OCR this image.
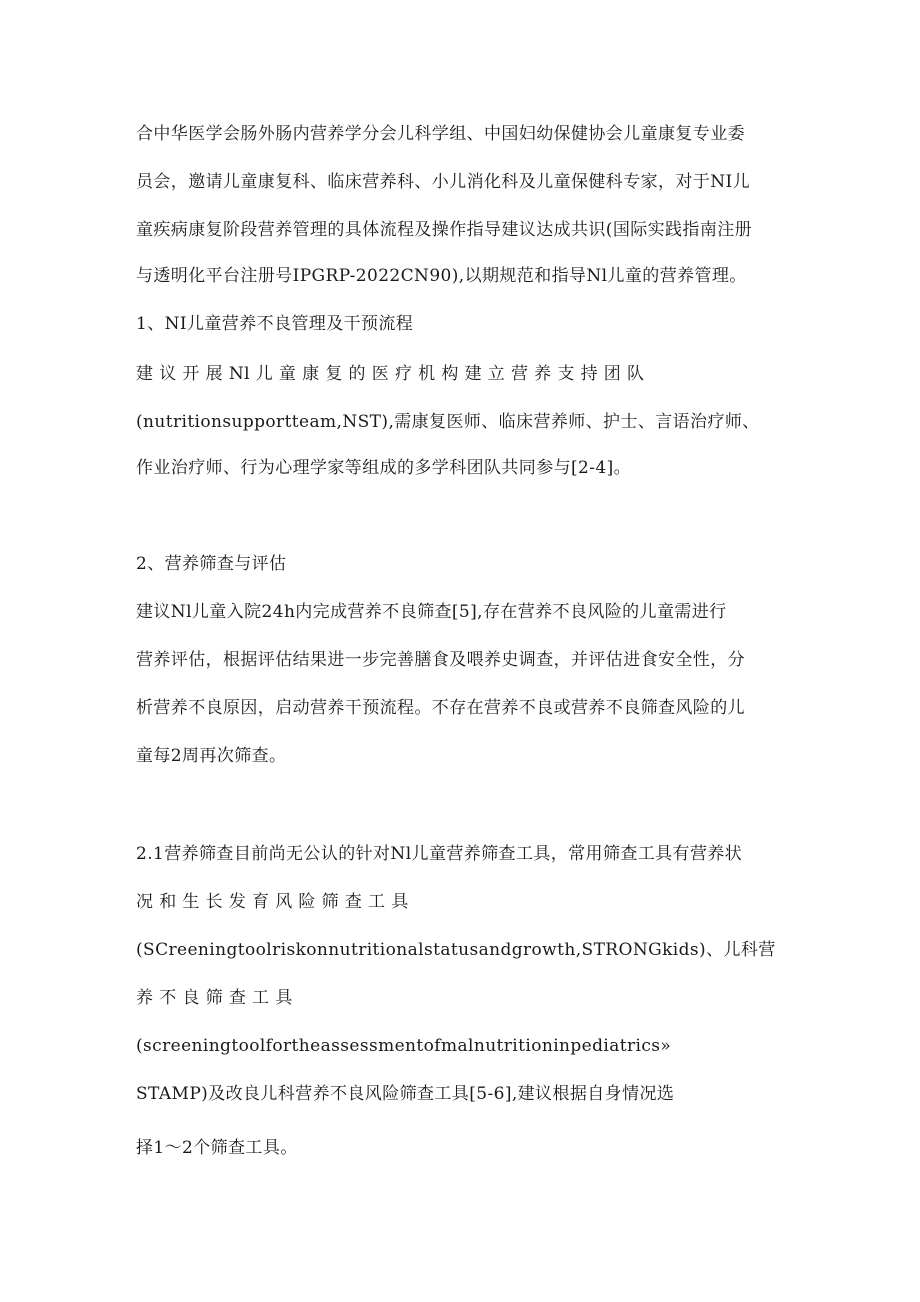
合中华医学会肠外肠内营养学分会儿科学组、中国妇幼保健协会儿童康复专业委
员会，邀请儿童康复科、临床营养科、小儿消化科及儿童保健科专家，对于NI儿
童疾病康复阶段营养管理的具体流程及操作指导建议达成共识(国际实践指南注册
与透明化平台注册号IPGRP-2022CN90),以期规范和指导Nl儿童的营养管理。
1、NI儿童营养不良管理及干预流程
建 议 开 展 Nl 儿 童 康 复 的 医 疗 机 构 建 立 营 养 支 持 团 队
(nutritionsupportteam,NST),需康复医师、临床营养师、护士、言语治疗师、
作业治疗师、行为心理学家等组成的多学科团队共同参与[2-4]。
2、营养筛查与评估
建议Nl儿童入院24h内完成营养不良筛查[5],存在营养不良风险的儿童需进行
营养评估，根据评估结果进一步完善膳食及喂养史调查，并评估进食安全性，分
析营养不良原因，启动营养干预流程。不存在营养不良或营养不良筛查风险的儿
童每2周再次筛查。
2.1营养筛查目前尚无公认的针对Nl儿童营养筛查工具，常用筛查工具有营养状
况 和 生 长 发 育 风 险 筛 查 工 具
(SCreeningtoolriskonnutritionalstatusandgrowth,STRONGkids)、儿科营
养 不 良 筛 查 工 具
(screeningtoolfortheassessmentofmalnutritioninpediatrics»
STAMP)及改良儿科营养不良风险筛查工具[5-6],建议根据自身情况选
择1～2个筛查工具。
